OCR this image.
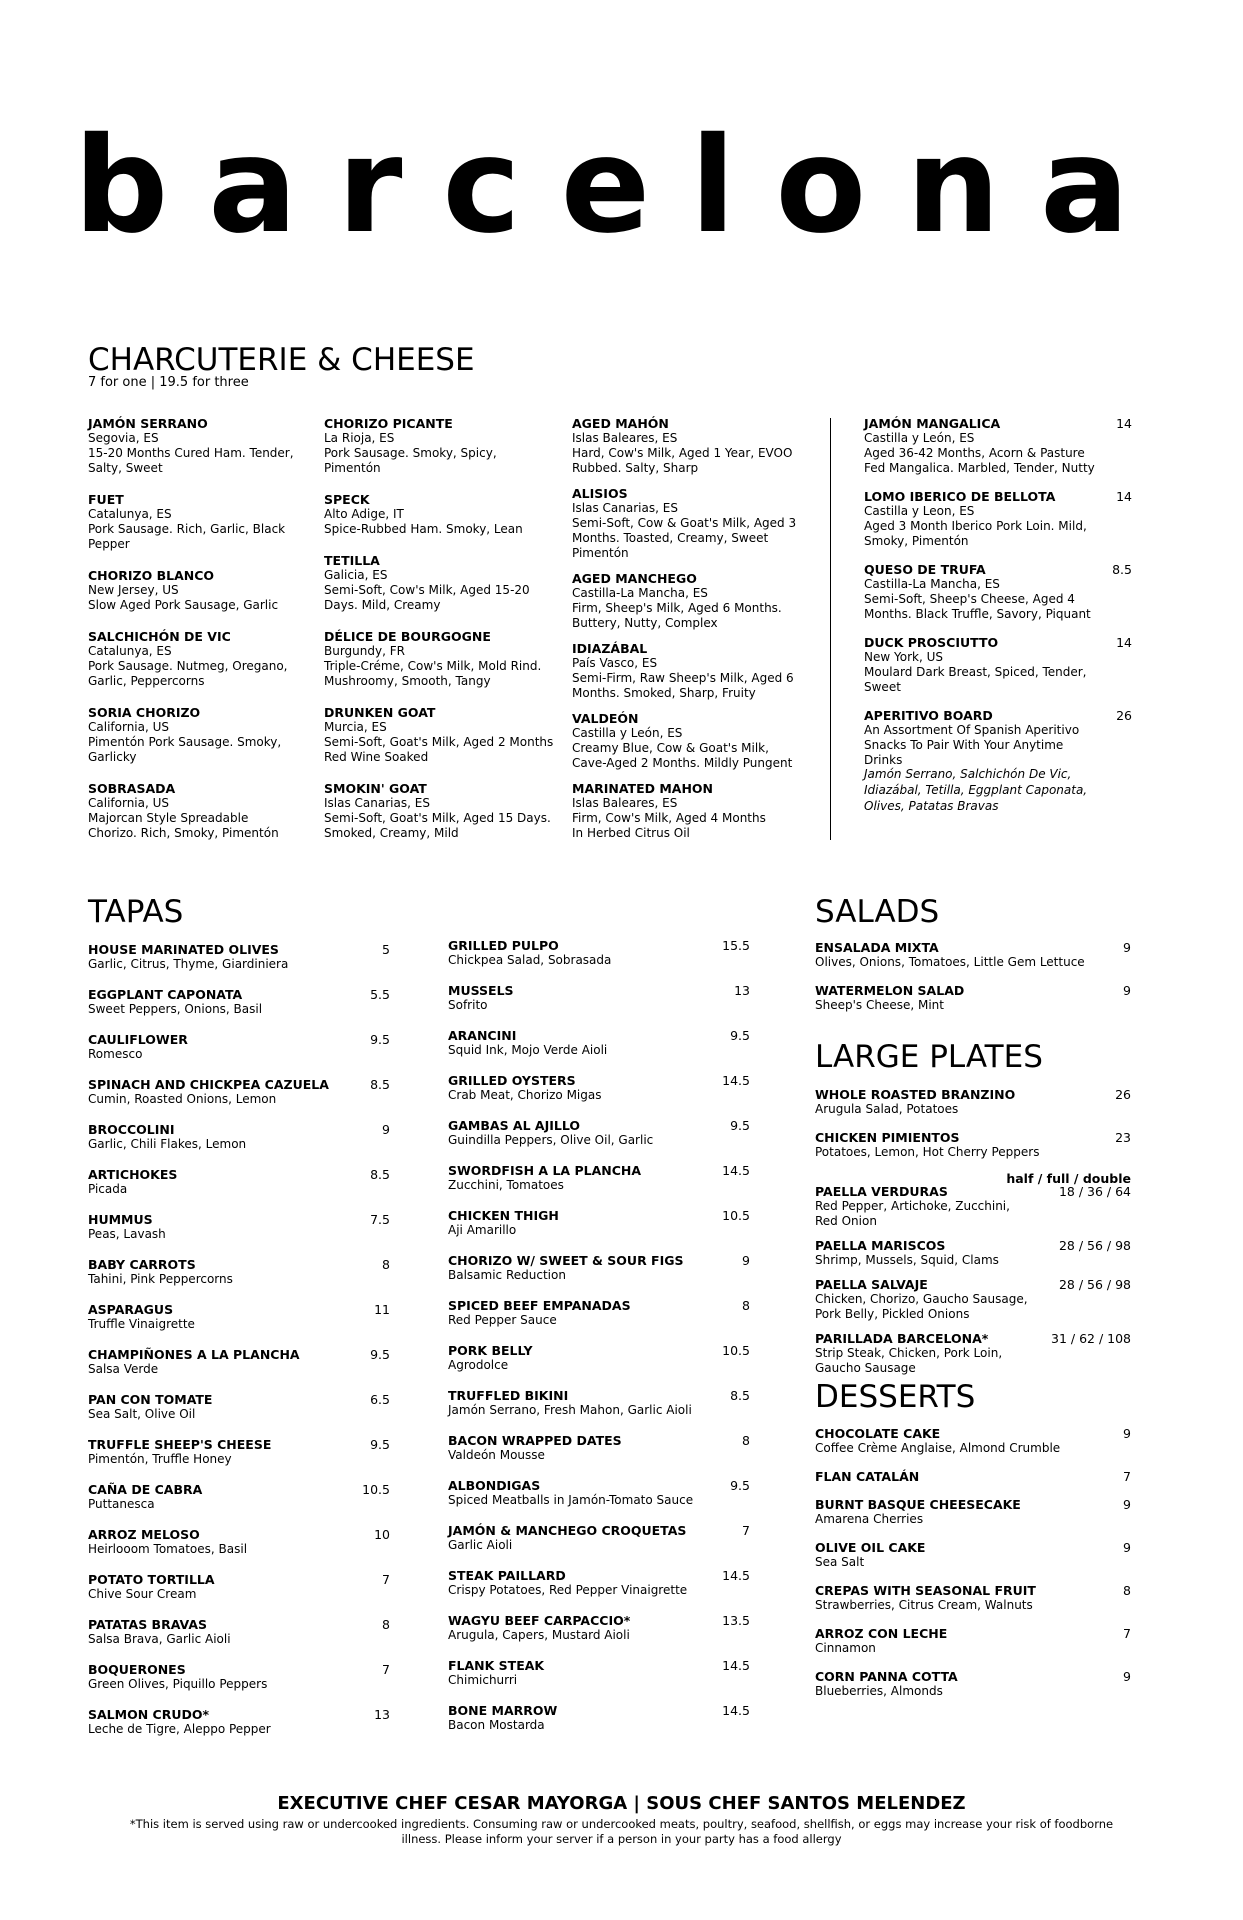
barcelona
CHARCUTERIE & CHEESE
7 for one | 19.5 for three
JAMÓN SERRANO
Segovia, ES
15-20 Months Cured Ham. Tender, Salty, Sweet
FUET
Catalunya, ES
Pork Sausage. Rich, Garlic, Black Pepper
CHORIZO BLANCO
New Jersey, US
Slow Aged Pork Sausage, Garlic
SALCHICHÓN DE VIC
Catalunya, ES
Pork Sausage. Nutmeg, Oregano, Garlic, Peppercorns
SORIA CHORIZO
California, US
Pimentón Pork Sausage. Smoky, Garlicky
SOBRASADA
California, US
Majorcan Style Spreadable Chorizo. Rich, Smoky, Pimentón
CHORIZO PICANTE
La Rioja, ES
Pork Sausage. Smoky, Spicy, Pimentón
SPECK
Alto Adige, IT
Spice-Rubbed Ham. Smoky, Lean
TETILLA
Galicia, ES
Semi-Soft, Cow's Milk, Aged 15-20 Days. Mild, Creamy
DÉLICE DE BOURGOGNE
Burgundy, FR
Triple-Créme, Cow's Milk, Mold Rind. Mushroomy, Smooth, Tangy
DRUNKEN GOAT
Murcia, ES
Semi-Soft, Goat's Milk, Aged 2 Months Red Wine Soaked
SMOKIN' GOAT
Islas Canarias, ES
Semi-Soft, Goat's Milk, Aged 15 Days. Smoked, Creamy, Mild
AGED MAHÓN
Islas Baleares, ES
Hard, Cow's Milk, Aged 1 Year, EVOO Rubbed. Salty, Sharp
ALISIOS
Islas Canarias, ES
Semi-Soft, Cow & Goat's Milk, Aged 3 Months. Toasted, Creamy, Sweet Pimentón
AGED MANCHEGO
Castilla-La Mancha, ES
Firm, Sheep's Milk, Aged 6 Months. Buttery, Nutty, Complex
IDIAZÁBAL
País Vasco, ES
Semi-Firm, Raw Sheep's Milk, Aged 6 Months. Smoked, Sharp, Fruity
VALDEÓN
Castilla y León, ES
Creamy Blue, Cow & Goat's Milk, Cave-Aged 2 Months. Mildly Pungent
MARINATED MAHON
Islas Baleares, ES
Firm, Cow's Milk, Aged 4 Months
In Herbed Citrus Oil
JAMÓN MANGALICA	14
Castilla y León, ES
Aged 36-42 Months, Acorn & Pasture Fed Mangalica. Marbled, Tender, Nutty
LOMO IBERICO DE BELLOTA	14
Castilla y Leon, ES
Aged 3 Month Iberico Pork Loin. Mild, Smoky, Pimentón
QUESO DE TRUFA	8.5
Castilla-La Mancha, ES
Semi-Soft, Sheep's Cheese, Aged 4 Months. Black Truffle, Savory, Piquant
DUCK PROSCIUTTO	14
New York, US
Moulard Dark Breast, Spiced, Tender, Sweet
APERITIVO BOARD	26
An Assortment Of Spanish Aperitivo Snacks To Pair With Your Anytime Drinks
Jamón Serrano, Salchichón De Vic, Idiazábal, Tetilla, Eggplant Caponata, Olives, Patatas Bravas
TAPAS
HOUSE MARINATED OLIVES	5
Garlic, Citrus, Thyme, Giardiniera
EGGPLANT CAPONATA	5.5
Sweet Peppers, Onions, Basil
CAULIFLOWER	9.5
Romesco
SPINACH AND CHICKPEA CAZUELA	8.5
Cumin, Roasted Onions, Lemon
BROCCOLINI	9
Garlic, Chili Flakes, Lemon
ARTICHOKES	8.5
Picada
HUMMUS	7.5
Peas, Lavash
BABY CARROTS	8
Tahini, Pink Peppercorns
ASPARAGUS	11
Truffle Vinaigrette
CHAMPIÑONES A LA PLANCHA	9.5
Salsa Verde
PAN CON TOMATE	6.5
Sea Salt, Olive Oil
TRUFFLE SHEEP'S CHEESE	9.5
Pimentón, Truffle Honey
CAÑA DE CABRA	10.5
Puttanesca
ARROZ MELOSO	10
Heirlooom Tomatoes, Basil
POTATO TORTILLA	7
Chive Sour Cream
PATATAS BRAVAS	8
Salsa Brava, Garlic Aioli
BOQUERONES	7
Green Olives, Piquillo Peppers
SALMON CRUDO*	13
Leche de Tigre, Aleppo Pepper
GRILLED PULPO	15.5
Chickpea Salad, Sobrasada
MUSSELS	13
Sofrito
ARANCINI	9.5
Squid Ink, Mojo Verde Aioli
GRILLED OYSTERS	14.5
Crab Meat, Chorizo Migas
GAMBAS AL AJILLO	9.5
Guindilla Peppers, Olive Oil, Garlic
SWORDFISH A LA PLANCHA	14.5
Zucchini, Tomatoes
CHICKEN THIGH	10.5
Aji Amarillo
CHORIZO W/ SWEET & SOUR FIGS	9
Balsamic Reduction
SPICED BEEF EMPANADAS	8
Red Pepper Sauce
PORK BELLY	10.5
Agrodolce
TRUFFLED BIKINI	8.5
Jamón Serrano, Fresh Mahon, Garlic Aioli
BACON WRAPPED DATES	8
Valdeón Mousse
ALBONDIGAS	9.5
Spiced Meatballs in Jamón-Tomato Sauce
JAMÓN & MANCHEGO CROQUETAS	7
Garlic Aioli
STEAK PAILLARD	14.5
Crispy Potatoes, Red Pepper Vinaigrette
WAGYU BEEF CARPACCIO*	13.5
Arugula, Capers, Mustard Aioli
FLANK STEAK	14.5
Chimichurri
BONE MARROW	14.5
Bacon Mostarda
SALADS
ENSALADA MIXTA	9
Olives, Onions, Tomatoes, Little Gem Lettuce
WATERMELON SALAD	9
Sheep's Cheese, Mint
LARGE PLATES
WHOLE ROASTED BRANZINO	26
Arugula Salad, Potatoes
CHICKEN PIMIENTOS	23
Potatoes, Lemon, Hot Cherry Peppers
half / full / double
PAELLA VERDURAS	18 / 36 / 64
Red Pepper, Artichoke, Zucchini, Red Onion
PAELLA MARISCOS	28 / 56 / 98
Shrimp, Mussels, Squid, Clams
PAELLA SALVAJE	28 / 56 / 98
Chicken, Chorizo, Gaucho Sausage, Pork Belly, Pickled Onions
PARILLADA BARCELONA*	31 / 62 / 108
Strip Steak, Chicken, Pork Loin, Gaucho Sausage
DESSERTS
CHOCOLATE CAKE	9
Coffee Crème Anglaise, Almond Crumble
FLAN CATALÁN	7
BURNT BASQUE CHEESECAKE	9
Amarena Cherries
OLIVE OIL CAKE	9
Sea Salt
CREPAS WITH SEASONAL FRUIT	8
Strawberries, Citrus Cream, Walnuts
ARROZ CON LECHE	7
Cinnamon
CORN PANNA COTTA	9
Blueberries, Almonds
EXECUTIVE CHEF CESAR MAYORGA | SOUS CHEF SANTOS MELENDEZ
*This item is served using raw or undercooked ingredients. Consuming raw or undercooked meats, poultry, seafood, shellfish, or eggs may increase your risk of foodborne illness. Please inform your server if a person in your party has a food allergy
